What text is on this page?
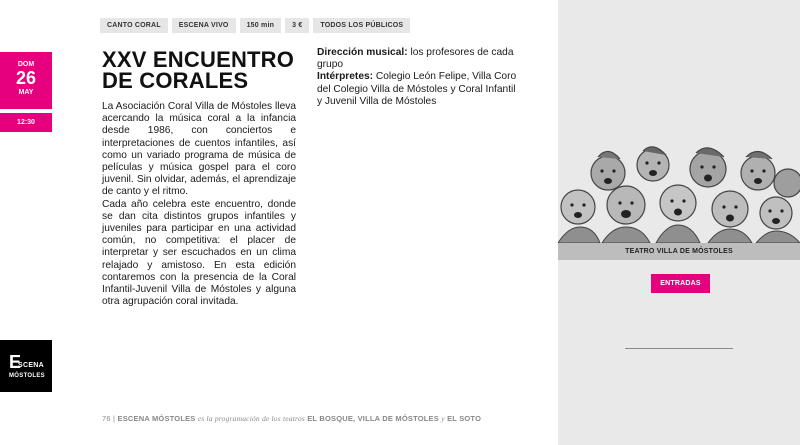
CANTO CORAL	ESCENA VIVO	150 min	3 €	TODOS LOS PÚBLICOS
DOM
26
MAY
12:30
E
SCENA
MÓSTOLES
XXV ENCUENTRO
DE CORALES

La Asociación Coral Villa de Móstoles lleva acercando la música coral a la infancia desde 1986, con conciertos e interpretaciones de cuentos infantiles, así como un variado programa de música de películas y música gospel para el coro juvenil. Sin olvidar, además, el aprendizaje de canto y el ritmo.

Cada año celebra este encuentro, donde se dan cita distintos grupos infantiles y juveniles para participar en una actividad común, no competitiva: el placer de interpretar y ser escuchados en un clima relajado y amistoso. En esta edición contaremos con la presencia de la Coral Infantil-Juvenil Villa de Móstoles y alguna otra agrupación coral invitada.

Dirección musical: los profesores de cada grupo
Intérpretes: Colegio León Felipe, Villa Coro del Colegio Villa de Móstoles y Coral Infantil y Juvenil Villa de Móstoles
TEATRO VILLA DE MÓSTOLES
ENTRADAS
76 | ESCENA MÓSTOLES es la programación de los teatros EL BOSQUE, VILLA DE MÓSTOLES y EL SOTO
